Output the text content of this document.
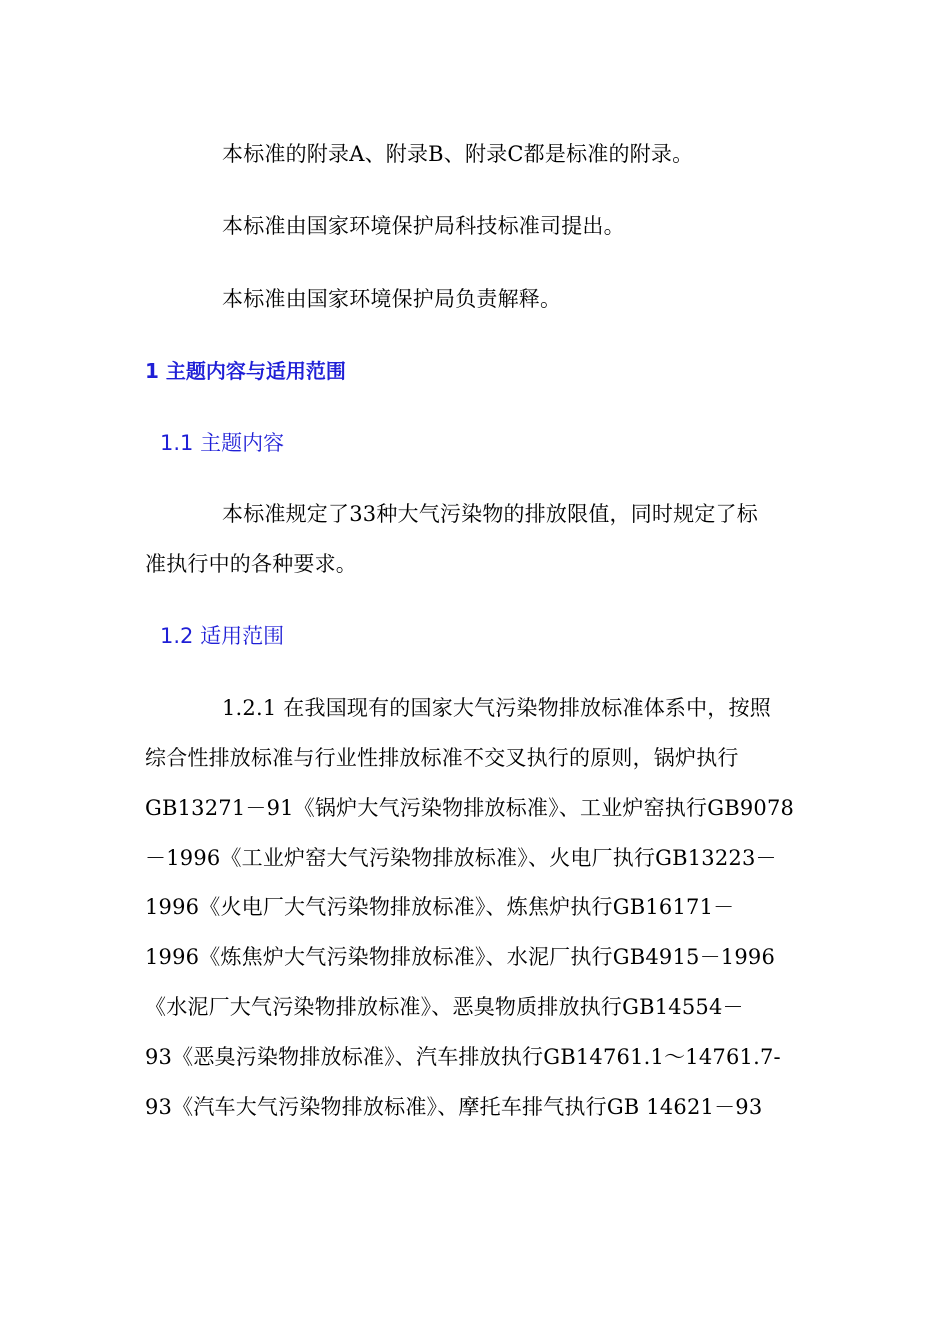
本标准的附录A、附录B、附录C都是标准的附录。
本标准由国家环境保护局科技标准司提出。
本标准由国家环境保护局负责解释。
1 主题内容与适用范围
1.1 主题内容
本标准规定了33种大气污染物的排放限值，同时规定了标
准执行中的各种要求。
1.2 适用范围
1.2.1 在我国现有的国家大气污染物排放标准体系中，按照
综合性排放标准与行业性排放标准不交叉执行的原则，锅炉执行
GB13271－91《锅炉大气污染物排放标准》、工业炉窑执行GB9078
－1996《工业炉窑大气污染物排放标准》、火电厂执行GB13223－
1996《火电厂大气污染物排放标准》、炼焦炉执行GB16171－
1996《炼焦炉大气污染物排放标准》、水泥厂执行GB4915－1996
《水泥厂大气污染物排放标准》、恶臭物质排放执行GB14554－
93《恶臭污染物排放标准》、汽车排放执行GB14761.1～14761.7-
93《汽车大气污染物排放标准》、摩托车排气执行GB 14621－93
